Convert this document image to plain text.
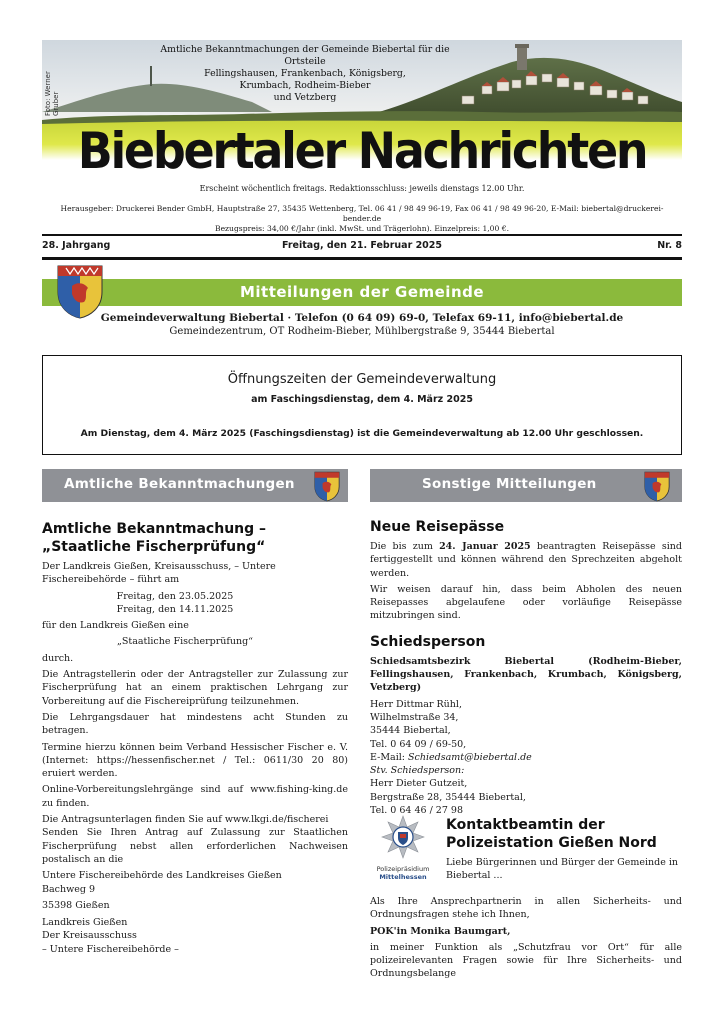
Foto: Werner Gruber
Amtliche Bekanntmachungen der Gemeinde Biebertal für die Ortsteile
Fellingshausen, Frankenbach, Königsberg,
Krumbach, Rodheim-Bieber
und Vetzberg
Biebertaler Nachrichten
Erscheint wöchentlich freitags. Redaktionsschluss: jeweils dienstags 12.00 Uhr.
Herausgeber: Druckerei Bender GmbH, Hauptstraße 27, 35435 Wettenberg, Tel. 06 41 / 98 49 96-19, Fax 06 41 / 98 49 96-20, E-Mail: biebertal@druckerei-bender.de
Bezugspreis: 34,00 €/Jahr (inkl. MwSt. und Trägerlohn). Einzelpreis: 1,00 €.
28. Jahrgang	Freitag, den 21. Februar 2025	Nr. 8
Mitteilungen der Gemeinde
Gemeindeverwaltung Biebertal · Telefon (0 64 09) 69-0, Telefax 69-11, info@biebertal.de
Gemeindezentrum, OT Rodheim-Bieber, Mühlbergstraße 9, 35444 Biebertal
Öffnungszeiten der Gemeindeverwaltung
am Faschingsdienstag, dem 4. März 2025
Am Dienstag, dem 4. März 2025 (Faschingsdienstag) ist die Gemeindeverwaltung ab 12.00 Uhr geschlossen.
Amtliche Bekanntmachungen	Sonstige Mitteilungen
Amtliche Bekanntmachung –
„Staatliche Fischerprüfung“

Der Landkreis Gießen, Kreisausschuss, – Untere Fischereibehörde – führt am

Freitag, den 23.05.2025

Freitag, den 14.11.2025

für den Landkreis Gießen eine

„Staatliche Fischerprüfung“

durch.

Die Antragstellerin oder der Antragsteller zur Zulassung zur Fischerprüfung hat an einem praktischen Lehrgang zur Vorbereitung auf die Fischereiprüfung teilzunehmen.

Die Lehrgangsdauer hat mindestens acht Stunden zu betragen.

Termine hierzu können beim Verband Hessischer Fischer e. V. (Internet: https://hessenfischer.net / Tel.: 0611/30 20 80) eruiert werden.

Online-Vorbereitungslehrgänge sind auf www.fishing-king.de zu finden.

Die Antragsunterlagen finden Sie auf www.lkgi.de/fischerei

Senden Sie Ihren Antrag auf Zulassung zur Staatlichen Fischerprüfung nebst allen erforderlichen Nachweisen postalisch an die

Untere Fischereibehörde des Landkreises Gießen
Bachweg 9
35398 Gießen
Landkreis Gießen
Der Kreisausschuss
– Untere Fischereibehörde –
Neue Reisepässe

Die bis zum 24. Januar 2025 beantragten Reisepässe sind fertiggestellt und können während den Sprechzeiten abgeholt werden.

Wir weisen darauf hin, dass beim Abholen des neuen Reisepasses abgelaufene oder vorläufige Reisepässe mitzubringen sind.

Schiedsperson

Schiedsamtsbezirk Biebertal (Rodheim-Bieber, Fellingshausen, Frankenbach, Krumbach, Königsberg, Vetzberg)

Herr Dittmar Rühl,
Wilhelmstraße 34,
35444 Biebertal,
Tel. 0 64 09 / 69-50,
E-Mail: Schiedsamt@biebertal.de
Stv. Schiedsperson:
Herr Dieter Gutzeit,
Bergstraße 28, 35444 Biebertal,
Tel. 0 64 46 / 27 98
Polizeipräsidium
Mittelhessen
Kontaktbeamtin der
Polizeistation Gießen Nord

Liebe Bürgerinnen und Bürger der Gemeinde in Biebertal ...

Als Ihre Ansprechpartnerin in allen Sicherheits- und Ordnungsfragen stehe ich Ihnen,

POK'in Monika Baumgart,

in meiner Funktion als „Schutzfrau vor Ort“ für alle polizeirelevanten Fragen sowie für Ihre Sicherheits- und Ordnungsbelange
